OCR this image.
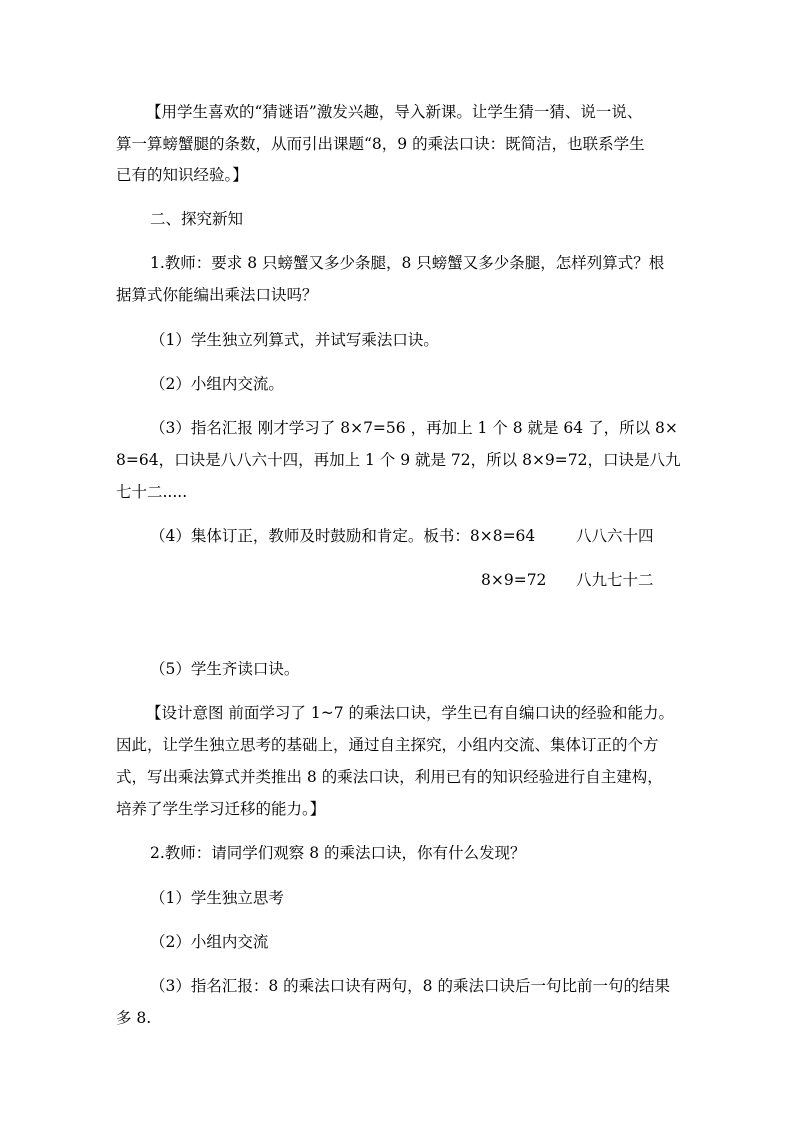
【用学生喜欢的“猜谜语”激发兴趣，导入新课。让学生猜一猜、说一说、
算一算螃蟹腿的条数，从而引出课题“8，9 的乘法口诀：既简洁，也联系学生
已有的知识经验。】
二、探究新知
1.教师：要求 8 只螃蟹又多少条腿，8 只螃蟹又多少条腿，怎样列算式？根
据算式你能编出乘法口诀吗？
（1）学生独立列算式，并试写乘法口诀。
（2）小组内交流。
（3）指名汇报 刚才学习了 8×7=56 ，再加上 1 个 8 就是 64 了，所以 8×
8=64，口诀是八八六十四，再加上 1 个 9 就是 72，所以 8×9=72，口诀是八九
七十二.....
（4）集体订正，教师及时鼓励和肯定。板书：8×8=64	八八六十四
8×9=72 八九七十二
（5）学生齐读口诀。
【设计意图 前面学习了 1~7 的乘法口诀，学生已有自编口诀的经验和能力。
因此，让学生独立思考的基础上，通过自主探究，小组内交流、集体订正的个方
式，写出乘法算式并类推出 8 的乘法口诀，利用已有的知识经验进行自主建构，
培养了学生学习迁移的能力。】
2.教师：请同学们观察 8 的乘法口诀，你有什么发现？
（1）学生独立思考
（2）小组内交流
（3）指名汇报：8 的乘法口诀有两句，8 的乘法口诀后一句比前一句的结果
多 8.
